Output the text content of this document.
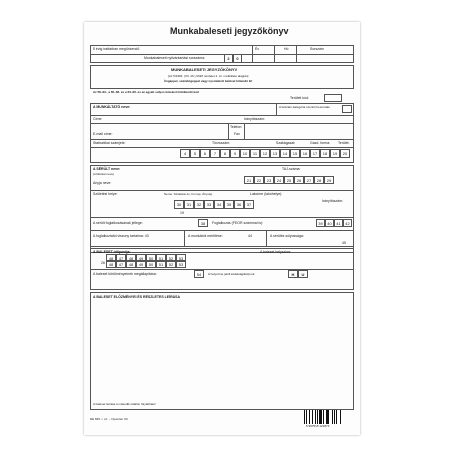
Munkabaleseti jegyzőkönyv
5 évig irattárban megőrizendő	Év	Hó	Sorszám
Munkabaleseti nyilvántartási sorszáma:	2	0
MUNKABALESETI JEGYZŐKÖNYV
[Az 5/1993. (XII. 26.) MüM rendelet 4. sz. melléklete alapján]
Írógéppel, számítógéppel vagy nyomtatott betűvel töltendő ki!
Az 58–63., a 65–66. és a 63–66. és az egyéb súlyos kötelező kitöltendő kód
Területi kód:
A MUNKÁLTATÓ neve:	A létszám-kategória szerinti besorolás:
Címe:	Irányítószám:
Telefon:
Fax
E-mail címe:
Statisztikai számjele:	Törzsszám:	Szakágazat:	Gazd. forma: Terület:
4	5	6	7	8	9	10	11	12	13	14	15	16	17	18	19	20
A SÉRÜLT neve:
(születési neve)
TAJ-száma:
Anyja neve:
21	22	23	24	25	26	27	28	29
Születési helye:	Neme: Születési év, hó nap; Áll.polg.	Lakcíme (lakóhelye):
Irányítószám:
30	31	32	33	34	35	36	37
19
A sérült foglalkozásának jellege:	38	Foglalkozás (FEOR számmal is):	39	40	41	42
A foglalkoztatói viszony tartalma: 43	A munkából mérlítése:	44	A sérülés súlyossága:
45
A BALESET időpontja:
48	47	48	49	50	51	52	53
26
A baleset helyszíne:
48	47	48	49	50	51	52	53
A baleset körülményeinek megállapítása:	54	A helyszíne jelölt kódaiságiközpont:	H	U
A BALESET ELŐZMÉNYEI ÉS RÉSZLETES LEÍRÁSA
A baleset leírása a második oldalon folytatható!
DE 845. r. sz. – Nyomtat: 03.
5 997515 121874
